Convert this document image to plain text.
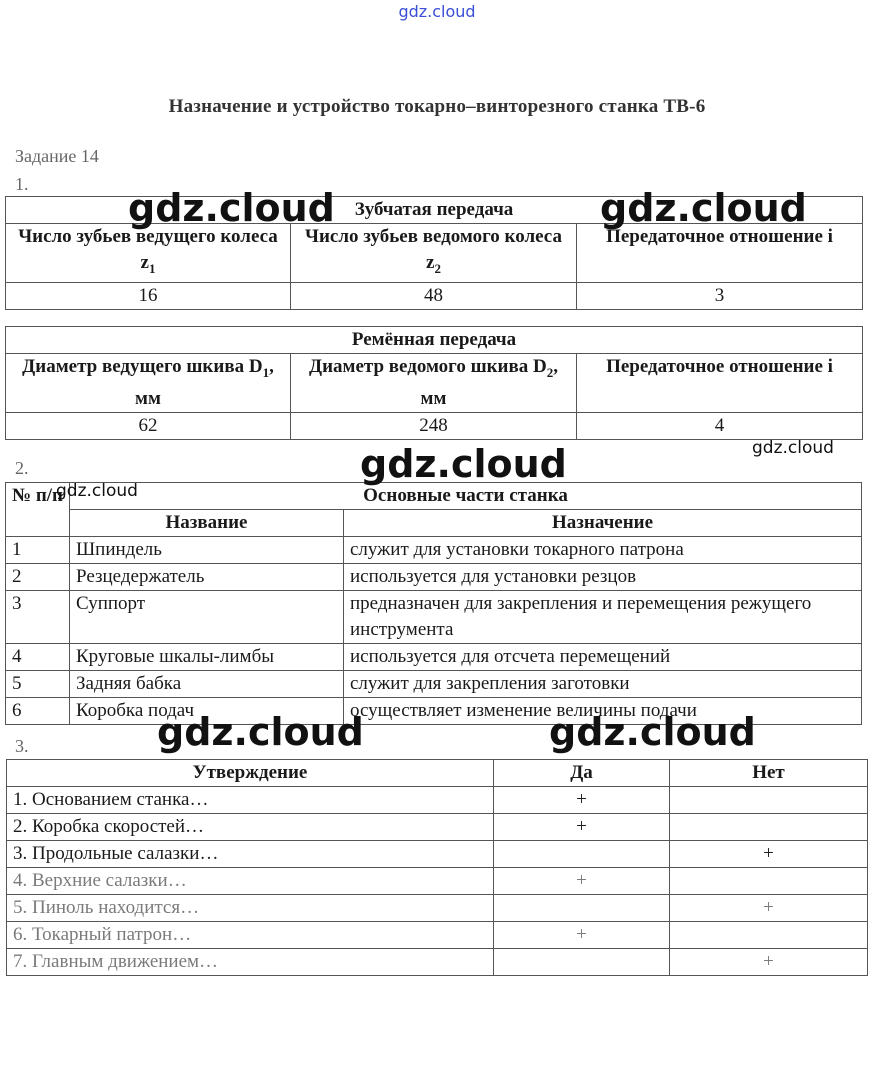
gdz.cloud
Назначение и устройство токарно–винторезного станка ТВ-6
Задание 14
1.
Зубчатая передача		
Число зубьев ведущего колеса $z_1$	Число зубьев ведомого колеса $z_2$	Передаточное отношение i
16	48	3
Ремённая передача		
Диаметр ведущего шкива $D_1$, мм	Диаметр ведомого шкива $D_2$, мм	Передаточное отношение i
62	248	4
2.
№ п/п	Основные части станка	
	Название	Назначение
1	Шпиндель	служит для установки токарного патрона
2	Резцедержатель	используется для установки резцов
3	Суппорт	предназначен для закрепления и перемещения режущего инструмента
4	Круговые шкалы-лимбы	используется для отсчета перемещений
5	Задняя бабка	служит для закрепления заготовки
6	Коробка подач	осуществляет изменение величины подачи
3.
Утверждение	Да	Нет
1. Основанием станка…	+	
2. Коробка скоростей…	+	
3. Продольные салазки…		+
4. Верхние салазки…	+	
5. Пиноль находится…		+
6. Токарный патрон…	+	
7. Главным движением…		+
gdz.cloud	gdz.cloud
gdz.cloud	gdz.cloud
gdz.cloud
gdz.cloud	gdz.cloud
